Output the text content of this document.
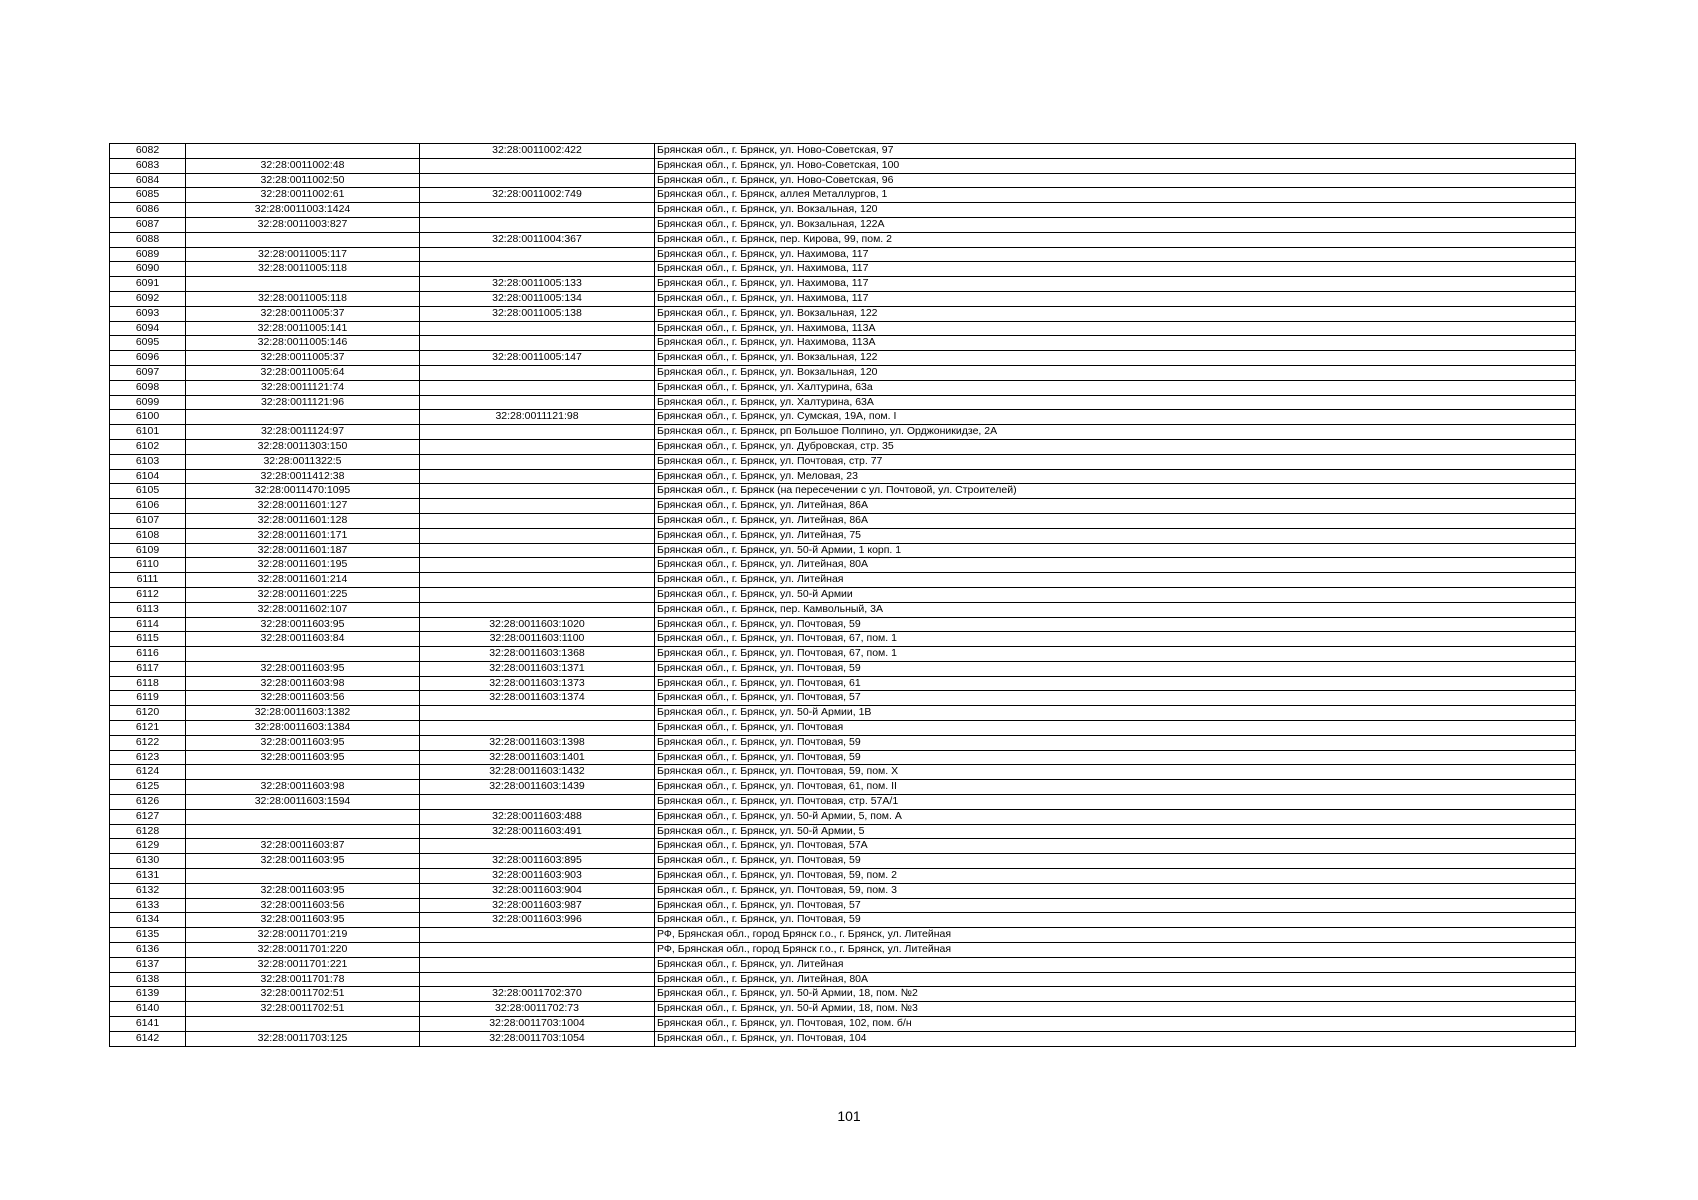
6082		32:28:0011002:422	Брянская обл., г. Брянск, ул. Ново-Советская, 97
6083	32:28:0011002:48		Брянская обл., г. Брянск, ул. Ново-Советская, 100
6084	32:28:0011002:50		Брянская обл., г. Брянск, ул. Ново-Советская, 96
6085	32:28:0011002:61	32:28:0011002:749	Брянская обл., г. Брянск, аллея Металлургов, 1
6086	32:28:0011003:1424		Брянская обл., г. Брянск, ул. Вокзальная, 120
6087	32:28:0011003:827		Брянская обл., г. Брянск, ул. Вокзальная, 122А
6088		32:28:0011004:367	Брянская обл., г. Брянск, пер. Кирова, 99, пом. 2
6089	32:28:0011005:117		Брянская обл., г. Брянск, ул. Нахимова, 117
6090	32:28:0011005:118		Брянская обл., г. Брянск, ул. Нахимова, 117
6091		32:28:0011005:133	Брянская обл., г. Брянск, ул. Нахимова, 117
6092	32:28:0011005:118	32:28:0011005:134	Брянская обл., г. Брянск, ул. Нахимова, 117
6093	32:28:0011005:37	32:28:0011005:138	Брянская обл., г. Брянск, ул. Вокзальная, 122
6094	32:28:0011005:141		Брянская обл., г. Брянск, ул. Нахимова, 113А
6095	32:28:0011005:146		Брянская обл., г. Брянск, ул. Нахимова, 113А
6096	32:28:0011005:37	32:28:0011005:147	Брянская обл., г. Брянск, ул. Вокзальная, 122
6097	32:28:0011005:64		Брянская обл., г. Брянск, ул. Вокзальная, 120
6098	32:28:0011121:74		Брянская обл., г. Брянск, ул. Халтурина, 63а
6099	32:28:0011121:96		Брянская обл., г. Брянск, ул. Халтурина, 63А
6100		32:28:0011121:98	Брянская обл., г. Брянск, ул. Сумская, 19А, пом. I
6101	32:28:0011124:97		Брянская обл., г. Брянск, рп Большое Полпино, ул. Орджоникидзе, 2А
6102	32:28:0011303:150		Брянская обл., г. Брянск, ул. Дубровская, стр. 35
6103	32:28:0011322:5		Брянская обл., г. Брянск, ул. Почтовая, стр. 77
6104	32:28:0011412:38		Брянская обл., г. Брянск, ул. Меловая, 23
6105	32:28:0011470:1095		Брянская обл., г. Брянск (на пересечении с ул. Почтовой, ул. Строителей)
6106	32:28:0011601:127		Брянская обл., г. Брянск, ул. Литейная, 86А
6107	32:28:0011601:128		Брянская обл., г. Брянск, ул. Литейная, 86А
6108	32:28:0011601:171		Брянская обл., г. Брянск, ул. Литейная, 75
6109	32:28:0011601:187		Брянская обл., г. Брянск, ул. 50-й Армии, 1 корп. 1
6110	32:28:0011601:195		Брянская обл., г. Брянск, ул. Литейная, 80А
6111	32:28:0011601:214		Брянская обл., г. Брянск, ул. Литейная
6112	32:28:0011601:225		Брянская обл., г. Брянск, ул. 50-й Армии
6113	32:28:0011602:107		Брянская обл., г. Брянск, пер. Камвольный, 3А
6114	32:28:0011603:95	32:28:0011603:1020	Брянская обл., г. Брянск, ул. Почтовая, 59
6115	32:28:0011603:84	32:28:0011603:1100	Брянская обл., г. Брянск, ул. Почтовая, 67, пом. 1
6116		32:28:0011603:1368	Брянская обл., г. Брянск, ул. Почтовая, 67, пом. 1
6117	32:28:0011603:95	32:28:0011603:1371	Брянская обл., г. Брянск, ул. Почтовая, 59
6118	32:28:0011603:98	32:28:0011603:1373	Брянская обл., г. Брянск, ул. Почтовая, 61
6119	32:28:0011603:56	32:28:0011603:1374	Брянская обл., г. Брянск, ул. Почтовая, 57
6120	32:28:0011603:1382		Брянская обл., г. Брянск, ул. 50-й Армии, 1В
6121	32:28:0011603:1384		Брянская обл., г. Брянск, ул. Почтовая
6122	32:28:0011603:95	32:28:0011603:1398	Брянская обл., г. Брянск, ул. Почтовая, 59
6123	32:28:0011603:95	32:28:0011603:1401	Брянская обл., г. Брянск, ул. Почтовая, 59
6124		32:28:0011603:1432	Брянская обл., г. Брянск, ул. Почтовая, 59, пом. Х
6125	32:28:0011603:98	32:28:0011603:1439	Брянская обл., г. Брянск, ул. Почтовая, 61, пом. II
6126	32:28:0011603:1594		Брянская обл., г. Брянск, ул. Почтовая, стр. 57А/1
6127		32:28:0011603:488	Брянская обл., г. Брянск, ул. 50-й Армии, 5, пом. А
6128		32:28:0011603:491	Брянская обл., г. Брянск, ул. 50-й Армии, 5
6129	32:28:0011603:87		Брянская обл., г. Брянск, ул. Почтовая, 57А
6130	32:28:0011603:95	32:28:0011603:895	Брянская обл., г. Брянск, ул. Почтовая, 59
6131		32:28:0011603:903	Брянская обл., г. Брянск, ул. Почтовая, 59, пом. 2
6132	32:28:0011603:95	32:28:0011603:904	Брянская обл., г. Брянск, ул. Почтовая, 59, пом. 3
6133	32:28:0011603:56	32:28:0011603:987	Брянская обл., г. Брянск, ул. Почтовая, 57
6134	32:28:0011603:95	32:28:0011603:996	Брянская обл., г. Брянск, ул. Почтовая, 59
6135	32:28:0011701:219		РФ, Брянская обл., город Брянск г.о., г. Брянск, ул. Литейная
6136	32:28:0011701:220		РФ, Брянская обл., город Брянск г.о., г. Брянск, ул. Литейная
6137	32:28:0011701:221		Брянская обл., г. Брянск, ул. Литейная
6138	32:28:0011701:78		Брянская обл., г. Брянск, ул. Литейная, 80А
6139	32:28:0011702:51	32:28:0011702:370	Брянская обл., г. Брянск, ул. 50-й Армии, 18, пом. №2
6140	32:28:0011702:51	32:28:0011702:73	Брянская обл., г. Брянск, ул. 50-й Армии, 18, пом. №3
6141		32:28:0011703:1004	Брянская обл., г. Брянск, ул. Почтовая, 102, пом. б/н
6142	32:28:0011703:125	32:28:0011703:1054	Брянская обл., г. Брянск, ул. Почтовая, 104
101
